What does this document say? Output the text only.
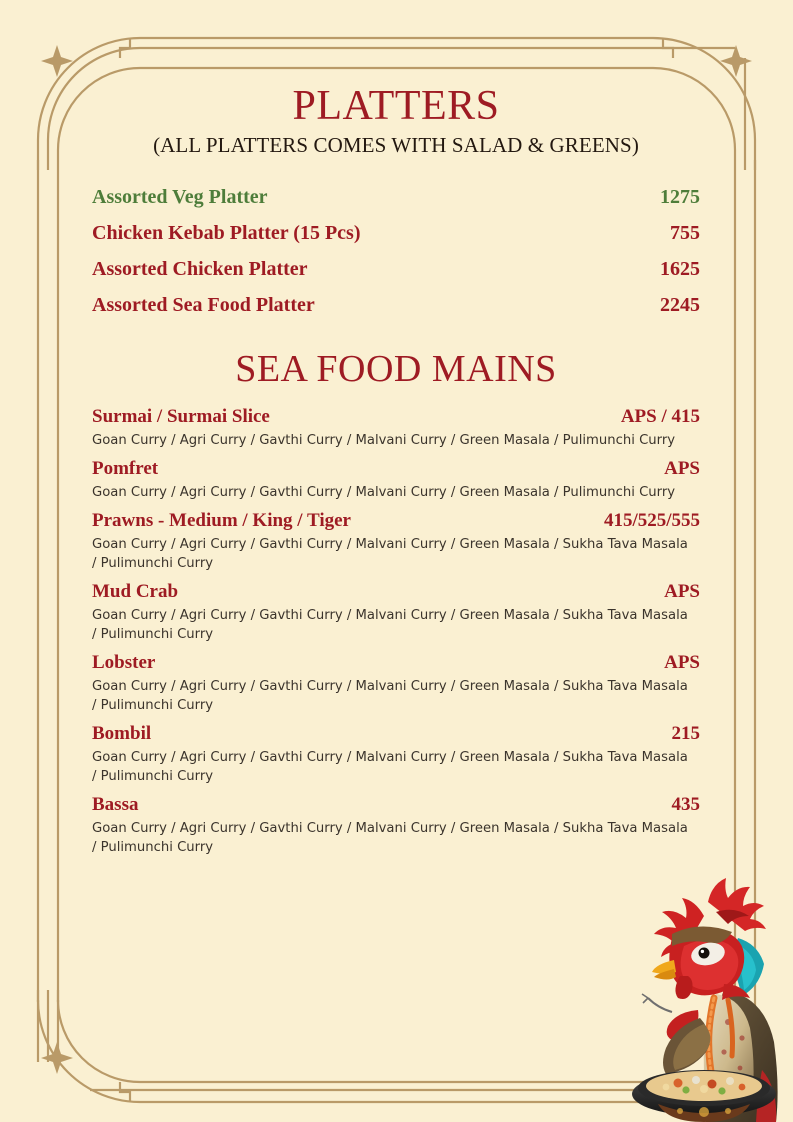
PLATTERS
(ALL PLATTERS COMES WITH SALAD & GREENS)
Assorted Veg Platter	1275
Chicken Kebab Platter (15 Pcs)	755
Assorted Chicken Platter	1625
Assorted Sea Food Platter	2245
SEA FOOD MAINS
Surmai / Surmai Slice	APS / 415
Goan Curry / Agri Curry / Gavthi Curry / Malvani Curry / Green Masala / Pulimunchi Curry
Pomfret	APS
Goan Curry / Agri Curry / Gavthi Curry / Malvani Curry / Green Masala / Pulimunchi Curry
Prawns - Medium / King / Tiger	415/525/555
Goan Curry / Agri Curry / Gavthi Curry / Malvani Curry / Green Masala / Sukha Tava Masala / Pulimunchi Curry
Mud Crab	APS
Goan Curry / Agri Curry / Gavthi Curry / Malvani Curry / Green Masala / Sukha Tava Masala / Pulimunchi Curry
Lobster	APS
Goan Curry / Agri Curry / Gavthi Curry / Malvani Curry / Green Masala / Sukha Tava Masala / Pulimunchi Curry
Bombil	215
Goan Curry / Agri Curry / Gavthi Curry / Malvani Curry / Green Masala / Sukha Tava Masala / Pulimunchi Curry
Bassa	435
Goan Curry / Agri Curry / Gavthi Curry / Malvani Curry / Green Masala / Sukha Tava Masala / Pulimunchi Curry
